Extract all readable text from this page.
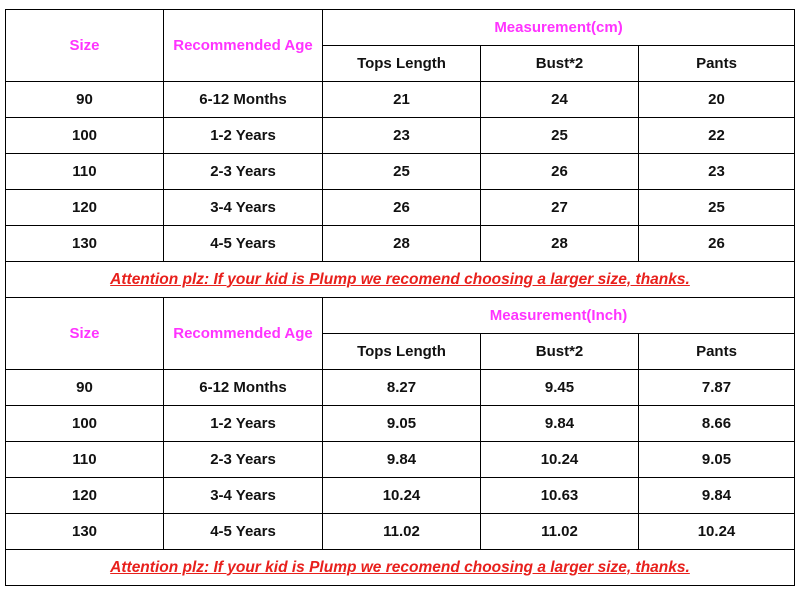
Size	Recommended Age	Measurement(cm)		
		Tops Length	Bust*2	Pants
90	6-12 Months	21	24	20
100	1-2 Years	23	25	22
110	2-3 Years	25	26	23
120	3-4 Years	26	27	25
130	4-5 Years	28	28	26
Attention plz: If your kid is Plump we recomend choosing a larger size, thanks.				
Size	Recommended Age	Measurement(Inch)		
		Tops Length	Bust*2	Pants
90	6-12 Months	8.27	9.45	7.87
100	1-2 Years	9.05	9.84	8.66
110	2-3 Years	9.84	10.24	9.05
120	3-4 Years	10.24	10.63	9.84
130	4-5 Years	11.02	11.02	10.24
Attention plz: If your kid is Plump we recomend choosing a larger size, thanks.				
